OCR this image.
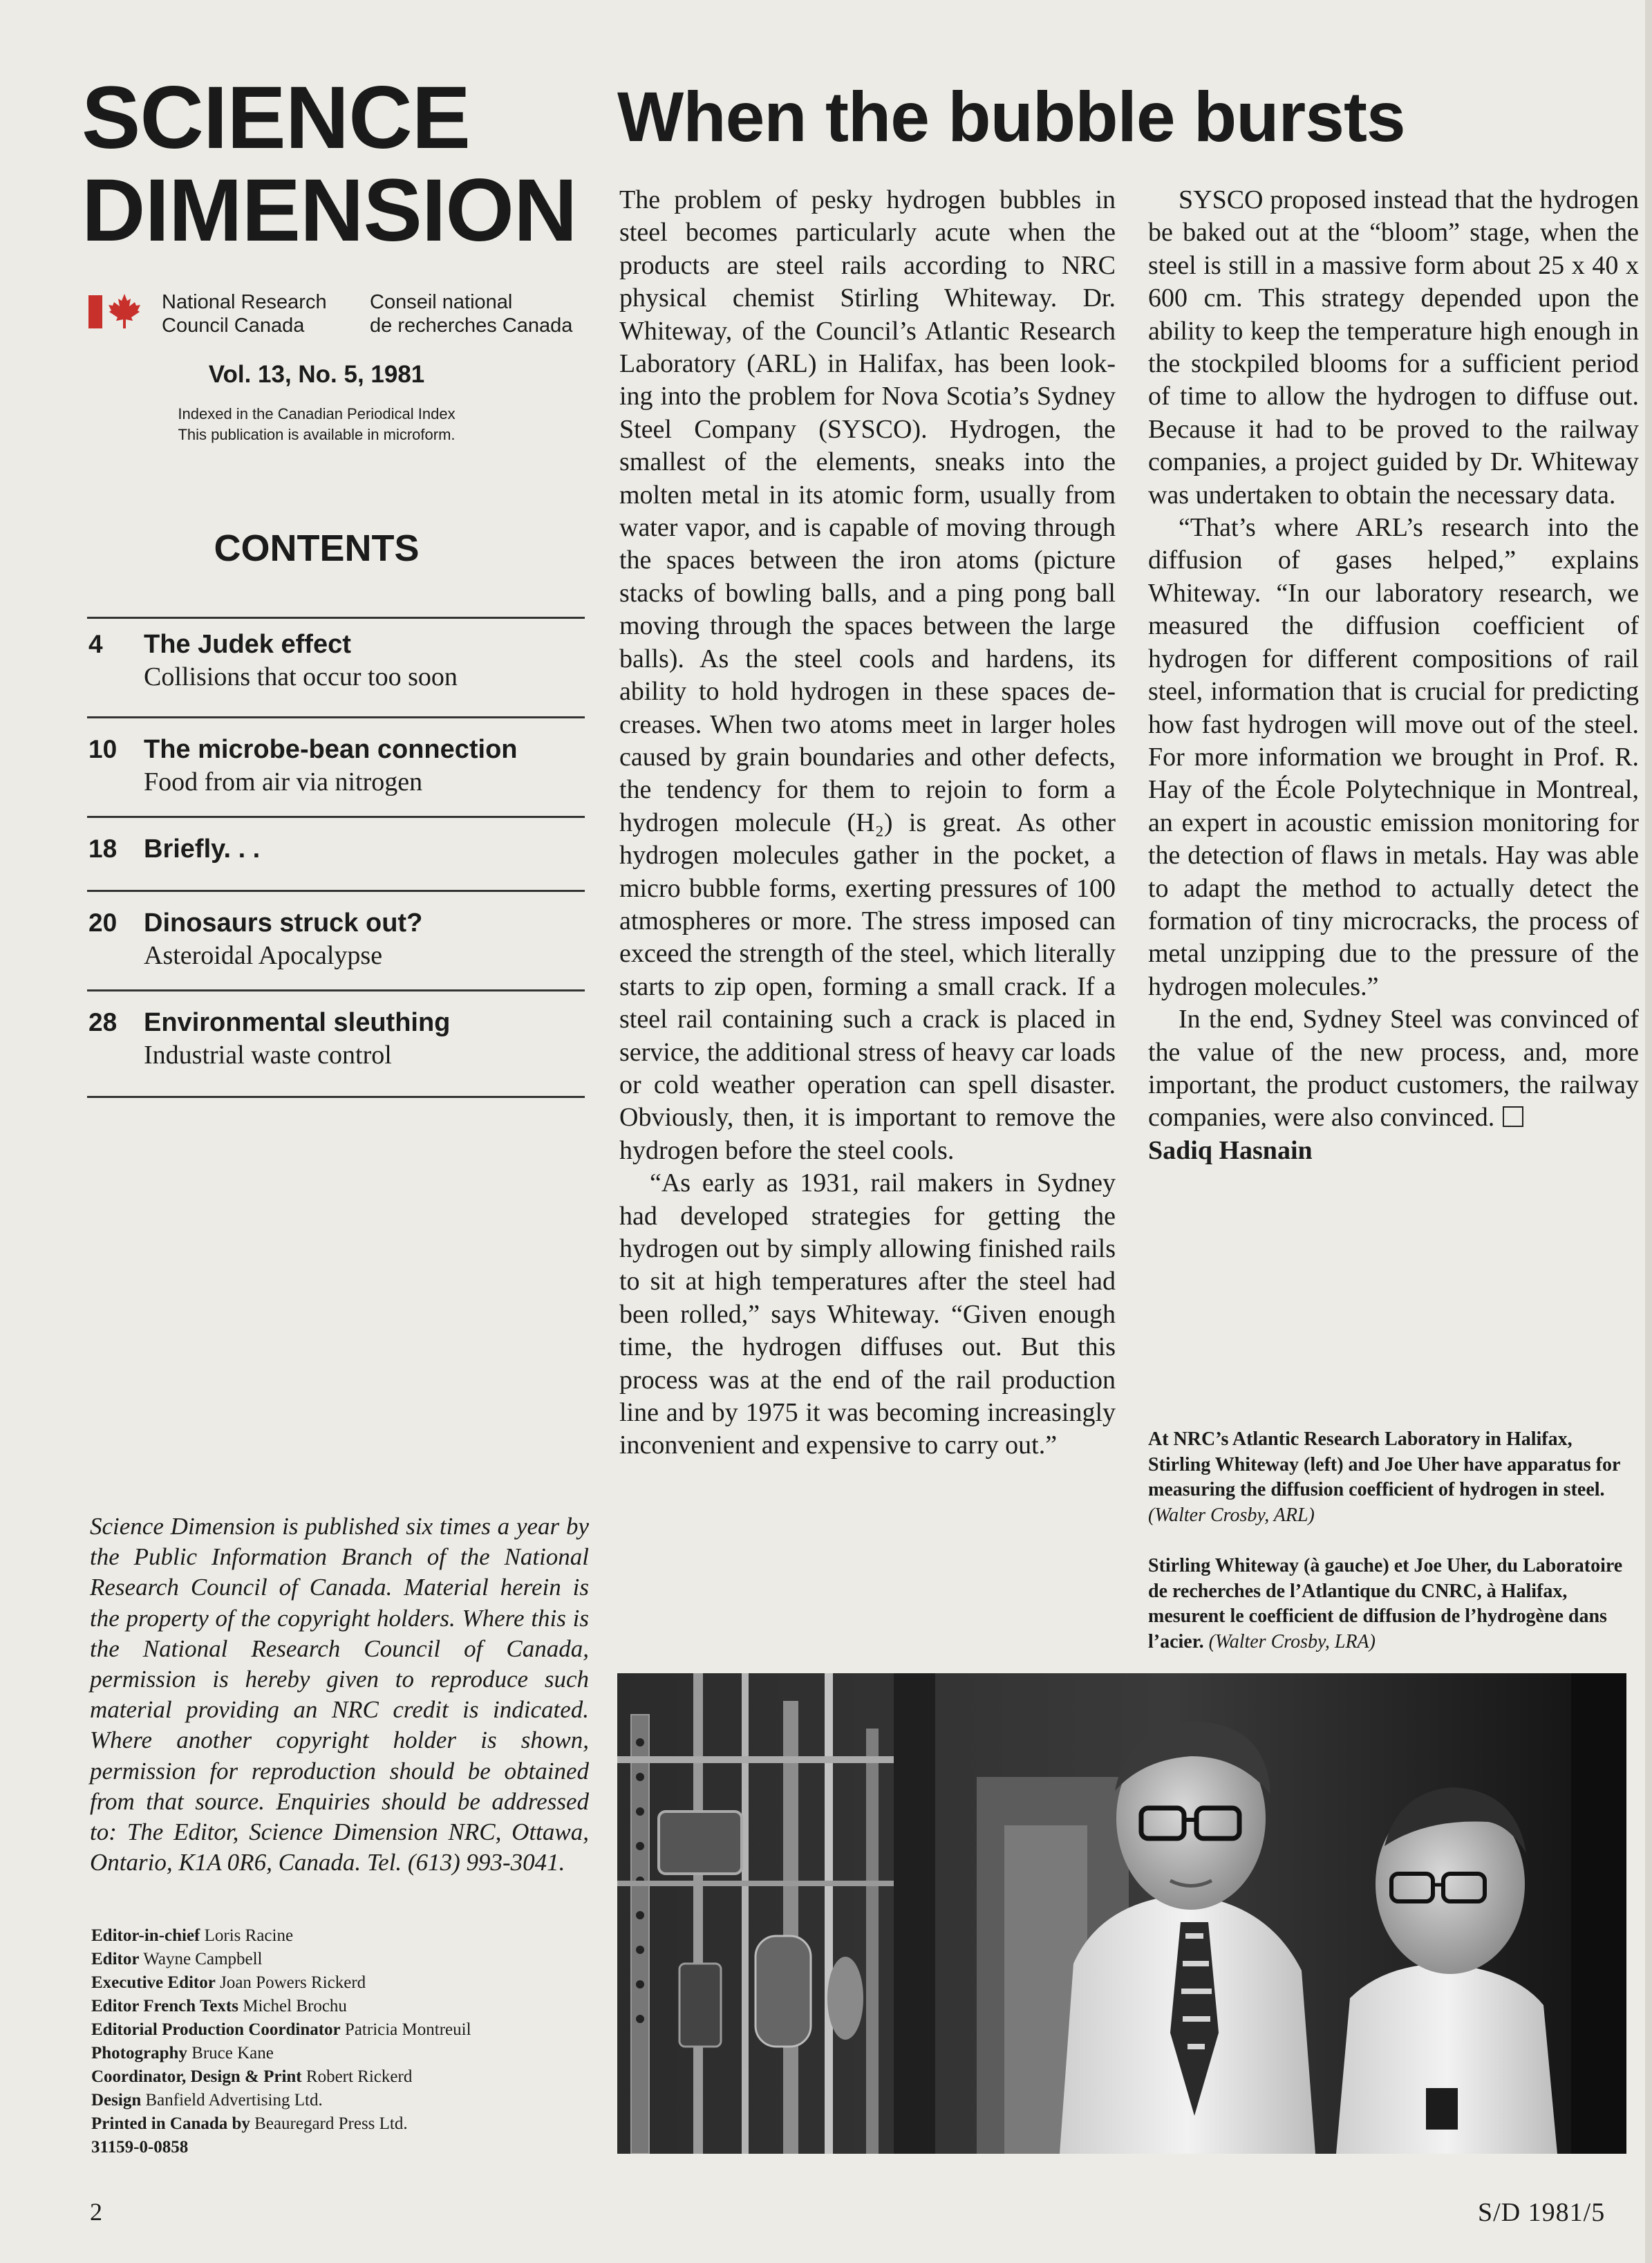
SCIENCE
DIMENSION
National Research
Council Canada
Conseil national
de recherches Canada
Vol. 13, No. 5, 1981
Indexed in the Canadian Periodical Index
This publication is available in microform.
CONTENTS
4 The Judek effect
Collisions that occur too soon
10 The microbe-bean connection
Food from air via nitrogen
18 Briefly. . .
20 Dinosaurs struck out?
Asteroidal Apocalypse
28 Environmental sleuthing
Industrial waste control

Science Dimension is published six times a year by the Public Information Branch of the National Research Council of Canada. Material herein is the property of the copyright holders. Where this is the National Research Council of Canada, permission is hereby given to reproduce such material providing an NRC credit is indicated. Where another copyright holder is shown, permission for reproduction should be obtained from that source. Enquiries should be addressed to: The Editor, Science Dimension NRC, Ottawa, Ontario, K1A 0R6, Canada. Tel. (613) 993-3041.

Editor-in-chief Loris Racine
Editor Wayne Campbell
Executive Editor Joan Powers Rickerd
Editor French Texts Michel Brochu
Editorial Production Coordinator Patricia Montreuil
Photography Bruce Kane
Coordinator, Design & Print Robert Rickerd
Design Banfield Advertising Ltd.
Printed in Canada by Beauregard Press Ltd.
31159-0-0858
2
When the bubble bursts

The problem of pesky hydrogen bubbles in steel becomes particularly acute when the products are steel rails according to NRC physical chemist Stirling Whiteway. Dr. Whiteway, of the Council’s Atlantic Research Laboratory (ARL) in Halifax, has been looking into the problem for Nova Scotia’s Sydney Steel Company (SYSCO). Hydrogen, the smallest of the elements, sneaks into the molten metal in its atomic form, usually from water vapor, and is capable of moving through the spaces between the iron atoms (picture stacks of bowling balls, and a ping pong ball moving through the spaces between the large balls). As the steel cools and hardens, its ability to hold hydrogen in these spaces decreases. When two atoms meet in larger holes caused by grain boundaries and other defects, the tendency for them to rejoin to form a hydrogen molecule (H₂) is great. As other hydrogen molecules gather in the pocket, a micro bubble forms, exerting pressures of 100 atmospheres or more. The stress imposed can exceed the strength of the steel, which literally starts to zip open, forming a small crack. If a steel rail containing such a crack is placed in service, the additional stress of heavy car loads or cold weather operation can spell disaster. Obviously, then, it is important to remove the hydrogen before the steel cools.

“As early as 1931, rail makers in Sydney had developed strategies for getting the hydrogen out by simply allowing finished rails to sit at high temperatures after the steel had been rolled,” says Whiteway. “Given enough time, the hydrogen diffuses out. But this process was at the end of the rail production line and by 1975 it was becoming increasingly inconvenient and expensive to carry out.”

SYSCO proposed instead that the hydrogen be baked out at the “bloom” stage, when the steel is still in a massive form about 25 x 40 x 600 cm. This strategy depended upon the ability to keep the temperature high enough in the stockpiled blooms for a sufficient period of time to allow the hydrogen to diffuse out. Because it had to be proved to the railway companies, a project guided by Dr. Whiteway was undertaken to obtain the necessary data.

“That’s where ARL’s research into the diffusion of gases helped,” explains Whiteway. “In our laboratory research, we measured the diffusion coefficient of hydrogen for different compositions of rail steel, information that is crucial for predicting how fast hydrogen will move out of the steel. For more information we brought in Prof. R. Hay of the École Polytechnique in Montreal, an expert in acoustic emission monitoring for the detection of flaws in metals. Hay was able to adapt the method to actually detect the formation of tiny microcracks, the process of metal unzipping due to the pressure of the hydrogen molecules.”

In the end, Sydney Steel was convinced of the value of the new process, and, more important, the product customers, the railway companies, were also convinced.

Sadiq Hasnain

At NRC’s Atlantic Research Laboratory in Halifax, Stirling Whiteway (left) and Joe Uher have apparatus for measuring the diffusion coefficient of hydrogen in steel. (Walter Crosby, ARL)

Stirling Whiteway (à gauche) et Joe Uher, du Laboratoire de recherches de l’Atlantique du CNRC, à Halifax, mesurent le coefficient de diffusion de l’hydrogène dans l’acier. (Walter Crosby, LRA)

S/D 1981/5
